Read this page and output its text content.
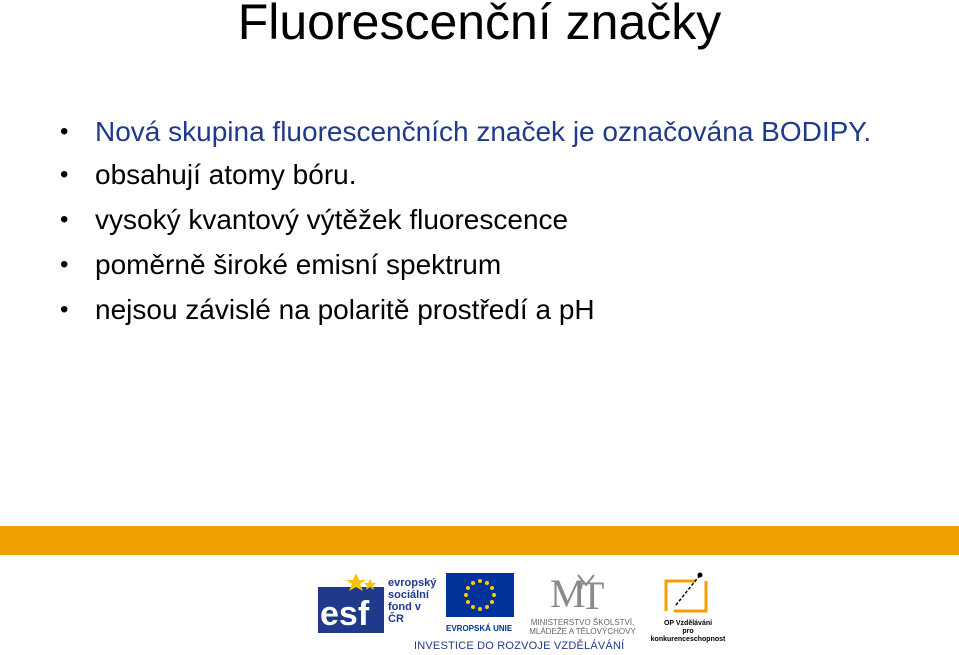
Fluorescenční značky
• Nová skupina fluorescenčních značek je označována BODIPY.
• obsahují atomy bóru.
• vysoký kvantový výtěžek fluorescence
• poměrně široké emisní spektrum
• nejsou závislé na polaritě prostředí a pH
esf
evropský
sociální
fond v ČR
EVROPSKÁ UNIE
M
T
MINISTERSTVO ŠKOLSTVÍ,
MLÁDEŽE A TĚLOVÝCHOVY
OP Vzdělávání
pro konkurenceschopnost
INVESTICE DO ROZVOJE VZDĚLÁVÁNÍ
